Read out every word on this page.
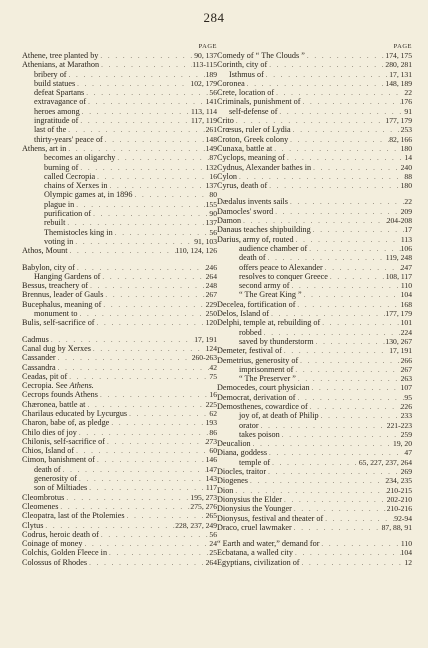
284
PAGE
Athene, tree planted by . . .	90, 137
Athenians, at Marathon . . .	113-115
bribery of . . .	189
build statues . . .	102, 179
defeat Spartans . . .	56
extravagance of . . .	141
heroes among . . .	113, 114
ingratitude of . . .	117, 119
last of the . . .	261
thirty-years' peace of . . .	148
Athens, art in . . .	149
becomes an oligarchy . . .	87
burning of . . .	132
called Cecropia . . .	16
chains of Xerxes in . . .	137
Olympic games at, in 1896 . . .	80
plague in . . .	155
purification of . . .	90
rebuilt . . .	137
Themistocles king in . . .	56
voting in . . .	91, 103
Athos, Mount . . .	110, 124, 126
Babylon, city of . . .	246
Hanging Gardens of . . .	264
Bessus, treachery of . . .	248
Brennus, leader of Gauls . . .	267
Bucephalus, meaning of . . .	229
monument to . . .	250
Bulis, self-sacrifice of . . .	120
Cadmus . . .	17, 191
Canal dug by Xerxes . . .	124
Cassander . . .	260-263
Cassandra . . .	42
Ceadas, pit of . . .	75
Cecropia. See Athens.
Cecrops founds Athens . . .	16
Chæronea, battle at . . .	225
Charilaus educated by Lycurgus . . .	62
Charon, babe of, as pledge . . .	193
Chilo dies of joy . . .	86
Chilonis, self-sacrifice of . . .	273
Chios, Island of . . .	60
Cimon, banishment of . . .	146
death of . . .	147
generosity of . . .	143
son of Miltiades . . .	117
Cleombrotus . . .	195, 273
Cleomenes . . .	275, 276
Cleopatra, last of the Ptolemies . . .	265
Clytus . . .	228, 237, 249
Codrus, heroic death of . . .	56
Coinage of money . . .	24
Colchis, Golden Fleece in . . .	25
Colossus of Rhodes . . .	264
PAGE
Comedy of “ The Clouds ” . . .	174, 175
Corinth, city of . . .	280, 281
Isthmus of . . .	17, 131
Coronea . . .	148, 189
Crete, location of . . .	22
Criminals, punishment of . . .	176
self-defense of . . .	91
Crito . . .	177, 179
Crœsus, ruler of Lydia . . .	253
Croton, Greek colony . . .	82, 166
Cunaxa, battle at . . .	180
Cyclops, meaning of . . .	14
Cydnus, Alexander bathes in . . .	240
Cylon . . .	88
Cyrus, death of . . .	180
Dædalus invents sails . . .	22
Damocles' sword . . .	209
Damon . . .	204-208
Danaus teaches shipbuilding . . .	17
Darius, army of, routed . . .	113
audience chamber of . . .	106
death of . . .	119, 248
offers peace to Alexander . . .	247
resolves to conquer Greece . . .	108, 117
second army of . . .	110
“ The Great King ” . . .	104
Decelea, fortification of . . .	168
Delos, Island of . . .	177, 179
Delphi, temple at, rebuilding of . . .	101
robbed . . .	224
saved by thunderstorm . . .	130, 267
Demeter, festival of . . .	17, 191
Demetrius, generosity of . . .	266
imprisonment of . . .	267
“ The Preserver ” . . .	263
Democedes, court physician . . .	107
Democrat, derivation of . . .	95
Demosthenes, cowardice of . . .	226
joy of, at death of Philip . . .	233
orator . . .	221-223
takes poison . . .	259
Deucalion . . .	19, 20
Diana, goddess . . .	47
temple of . . .	65, 227, 237, 264
Diocles, traitor . . .	269
Diogenes . . .	234, 235
Dion . . .	210-215
Dionysius the Elder . . .	202-210
Dionysius the Younger . . .	210-216
Dionysus, festival and theater of . . .	92-94
Draco, cruel lawmaker . . .	87, 88, 91
“ Earth and water,” demand for . . .	110
Ecbatana, a walled city . . .	104
Egyptians, civilization of . . .	12
